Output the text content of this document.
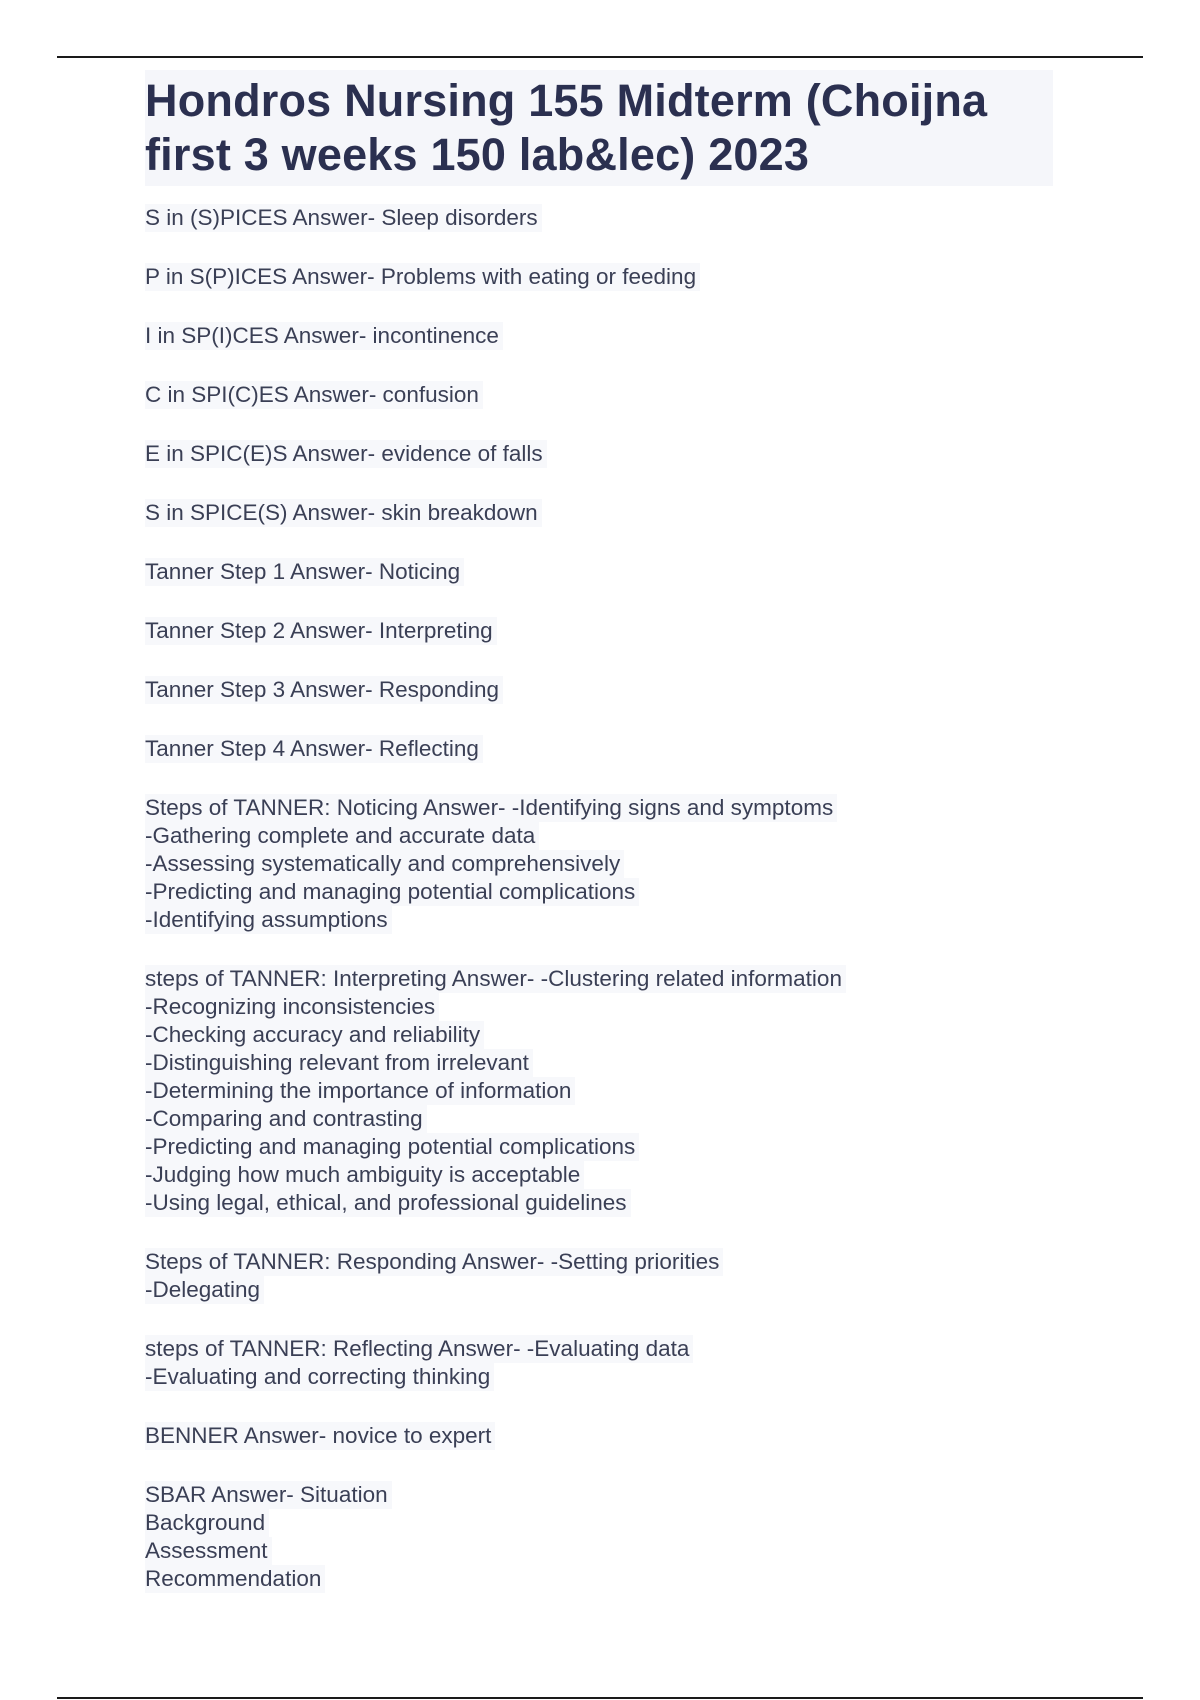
Hondros Nursing 155 Midterm (Choijna
first 3 weeks 150 lab&lec) 2023

S in (S)PICES Answer- Sleep disorders

P in S(P)ICES Answer- Problems with eating or feeding

I in SP(I)CES Answer- incontinence

C in SPI(C)ES Answer- confusion

E in SPIC(E)S Answer- evidence of falls

S in SPICE(S) Answer- skin breakdown

Tanner Step 1 Answer- Noticing

Tanner Step 2 Answer- Interpreting

Tanner Step 3 Answer- Responding

Tanner Step 4 Answer- Reflecting

Steps of TANNER: Noticing Answer- -Identifying signs and symptoms
-Gathering complete and accurate data
-Assessing systematically and comprehensively
-Predicting and managing potential complications
-Identifying assumptions

steps of TANNER: Interpreting Answer- -Clustering related information
-Recognizing inconsistencies
-Checking accuracy and reliability
-Distinguishing relevant from irrelevant
-Determining the importance of information
-Comparing and contrasting
-Predicting and managing potential complications
-Judging how much ambiguity is acceptable
-Using legal, ethical, and professional guidelines

Steps of TANNER: Responding Answer- -Setting priorities
-Delegating

steps of TANNER: Reflecting Answer- -Evaluating data
-Evaluating and correcting thinking

BENNER Answer- novice to expert

SBAR Answer- Situation
Background
Assessment
Recommendation
